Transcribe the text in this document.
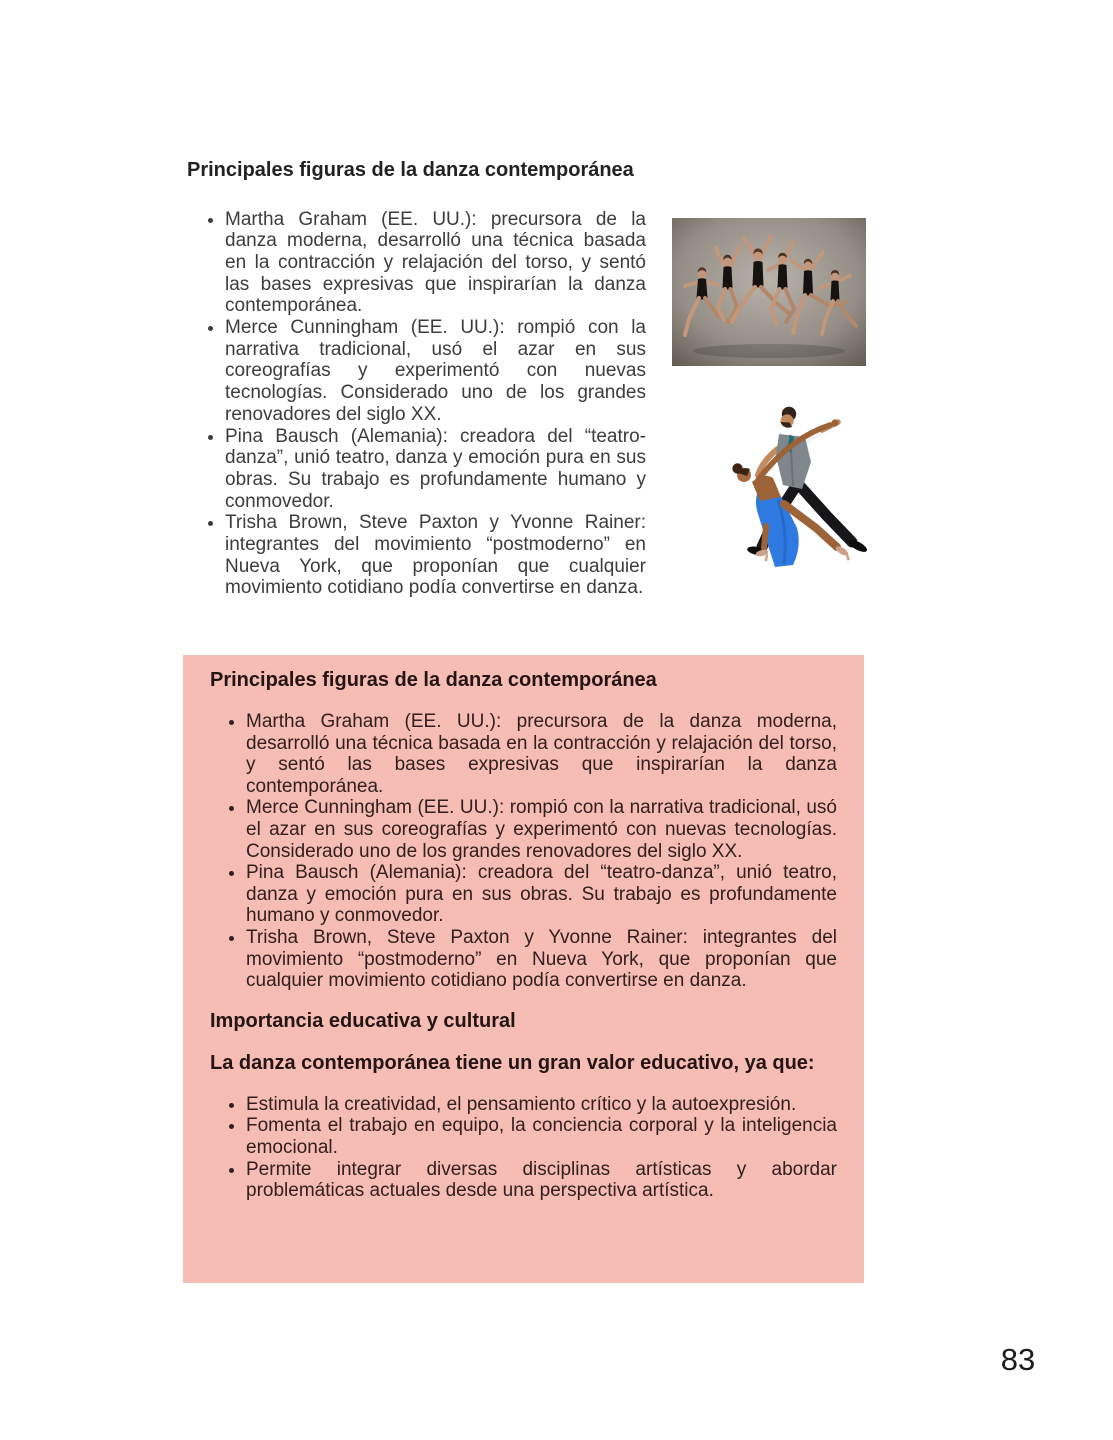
Principales figuras de la danza contemporánea
• Martha Graham (EE. UU.): precursora de la danza moderna, desarrolló una técnica basada en la contracción y relajación del torso, y sentó las bases expresivas que inspirarían la danza contemporánea.
• Merce Cunningham (EE. UU.): rompió con la narrativa tradicional, usó el azar en sus coreografías y experimentó con nuevas tecnologías. Considerado uno de los grandes renovadores del siglo XX.
• Pina Bausch (Alemania): creadora del “teatro-danza”, unió teatro, danza y emoción pura en sus obras. Su trabajo es profundamente humano y conmovedor.
• Trisha Brown, Steve Paxton y Yvonne Rainer: integrantes del movimiento “postmoderno” en Nueva York, que proponían que cualquier movimiento cotidiano podía convertirse en danza.
Principales figuras de la danza contemporánea
• Martha Graham (EE. UU.): precursora de la danza moderna, desarrolló una técnica basada en la contracción y relajación del torso, y sentó las bases expresivas que inspirarían la danza contemporánea.
• Merce Cunningham (EE. UU.): rompió con la narrativa tradicional, usó el azar en sus coreografías y experimentó con nuevas tecnologías. Considerado uno de los grandes renovadores del siglo XX.
• Pina Bausch (Alemania): creadora del “teatro-danza”, unió teatro, danza y emoción pura en sus obras. Su trabajo es profundamente humano y conmovedor.
• Trisha Brown, Steve Paxton y Yvonne Rainer: integrantes del movimiento “postmoderno” en Nueva York, que proponían que cualquier movimiento cotidiano podía convertirse en danza.
Importancia educativa y cultural

La danza contemporánea tiene un gran valor educativo, ya que:

• Estimula la creatividad, el pensamiento crítico y la autoexpresión.
• Fomenta el trabajo en equipo, la conciencia corporal y la inteligencia emocional.
• Permite integrar diversas disciplinas artísticas y abordar problemáticas actuales desde una perspectiva artística.
83
